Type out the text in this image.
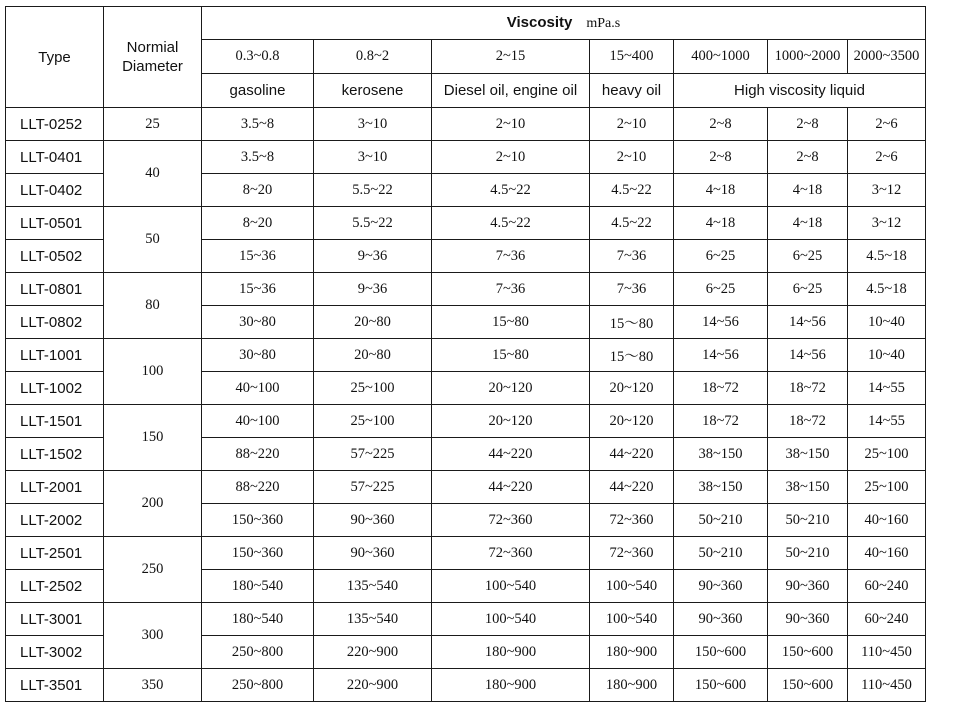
Type	Normial Diameter	Viscosity mPa.s						
		0.3~0.8	0.8~2	2~15	15~400	400~1000	1000~2000	2000~3500
		gasoline	kerosene	Diesel oil, engine oil	heavy oil	High viscosity liquid		
LLT-0252	25	3.5~8	3~10	2~10	2~10	2~8	2~8	2~6
LLT-0401	40	3.5~8	3~10	2~10	2~10	2~8	2~8	2~6
LLT-0402		8~20	5.5~22	4.5~22	4.5~22	4~18	4~18	3~12
LLT-0501	50	8~20	5.5~22	4.5~22	4.5~22	4~18	4~18	3~12
LLT-0502		15~36	9~36	7~36	7~36	6~25	6~25	4.5~18
LLT-0801	80	15~36	9~36	7~36	7~36	6~25	6~25	4.5~18
LLT-0802		30~80	20~80	15~80	15～80	14~56	14~56	10~40
LLT-1001	100	30~80	20~80	15~80	15～80	14~56	14~56	10~40
LLT-1002		40~100	25~100	20~120	20~120	18~72	18~72	14~55
LLT-1501	150	40~100	25~100	20~120	20~120	18~72	18~72	14~55
LLT-1502		88~220	57~225	44~220	44~220	38~150	38~150	25~100
LLT-2001	200	88~220	57~225	44~220	44~220	38~150	38~150	25~100
LLT-2002		150~360	90~360	72~360	72~360	50~210	50~210	40~160
LLT-2501	250	150~360	90~360	72~360	72~360	50~210	50~210	40~160
LLT-2502		180~540	135~540	100~540	100~540	90~360	90~360	60~240
LLT-3001	300	180~540	135~540	100~540	100~540	90~360	90~360	60~240
LLT-3002		250~800	220~900	180~900	180~900	150~600	150~600	110~450
LLT-3501	350	250~800	220~900	180~900	180~900	150~600	150~600	110~450
